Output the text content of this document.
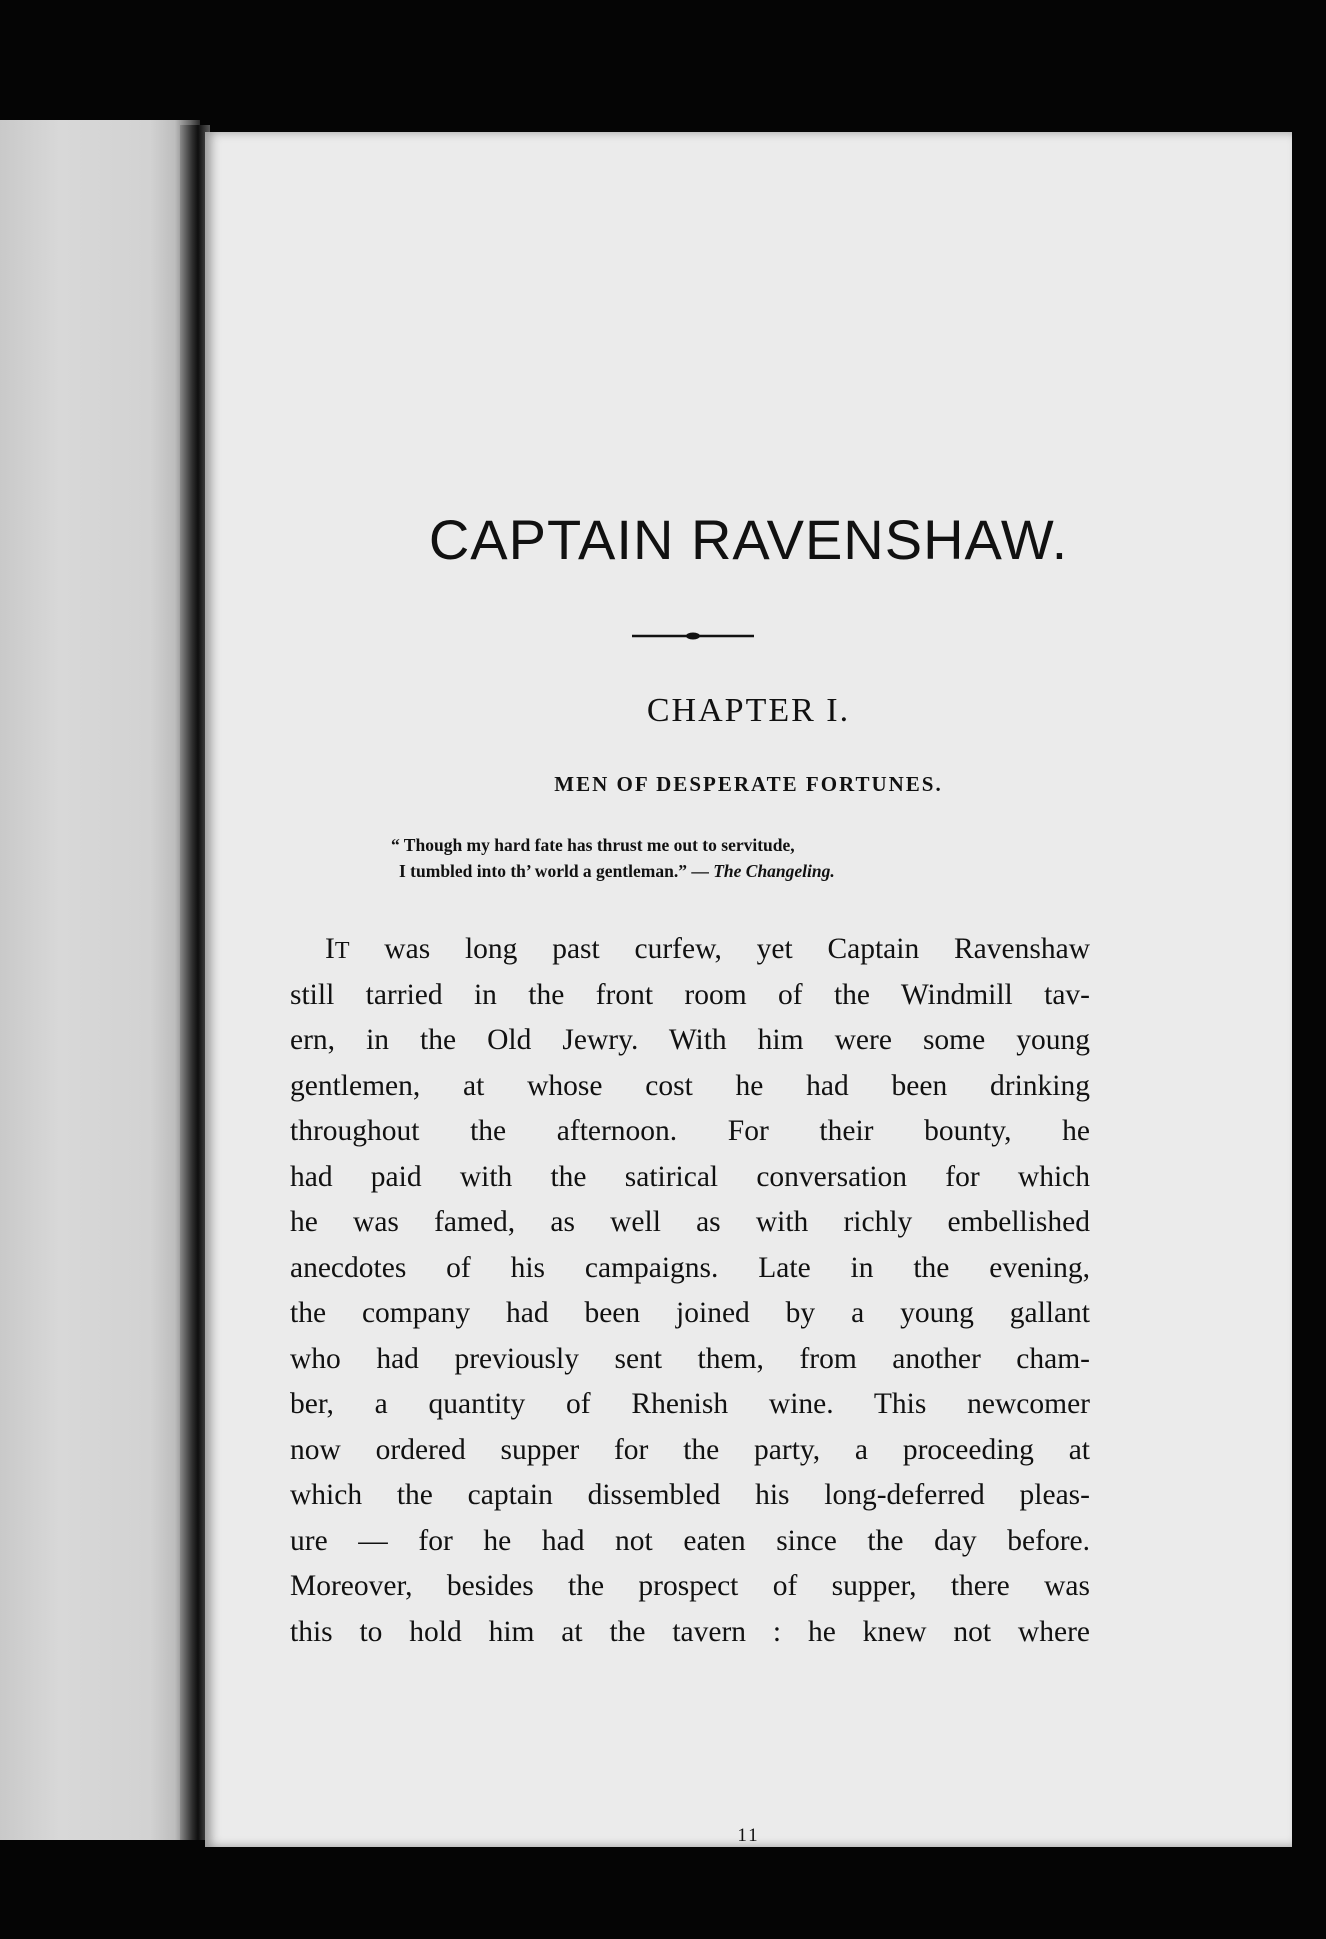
CAPTAIN RAVENSHAW.
CHAPTER I.
MEN OF DESPERATE FORTUNES.
“ Though my hard fate has thrust me out to servitude,
I tumbled into th’ world a gentleman.” — The Changeling.
IT was long past curfew, yet Captain Ravenshaw
still tarried in the front room of the Windmill tav-
ern, in the Old Jewry. With him were some young
gentlemen, at whose cost he had been drinking
throughout the afternoon. For their bounty, he
had paid with the satirical conversation for which
he was famed, as well as with richly embellished
anecdotes of his campaigns. Late in the evening,
the company had been joined by a young gallant
who had previously sent them, from another cham-
ber, a quantity of Rhenish wine. This newcomer
now ordered supper for the party, a proceeding at
which the captain dissembled his long-deferred pleas-
ure — for he had not eaten since the day before.
Moreover, besides the prospect of supper, there was
this to hold him at the tavern : he knew not where
11
